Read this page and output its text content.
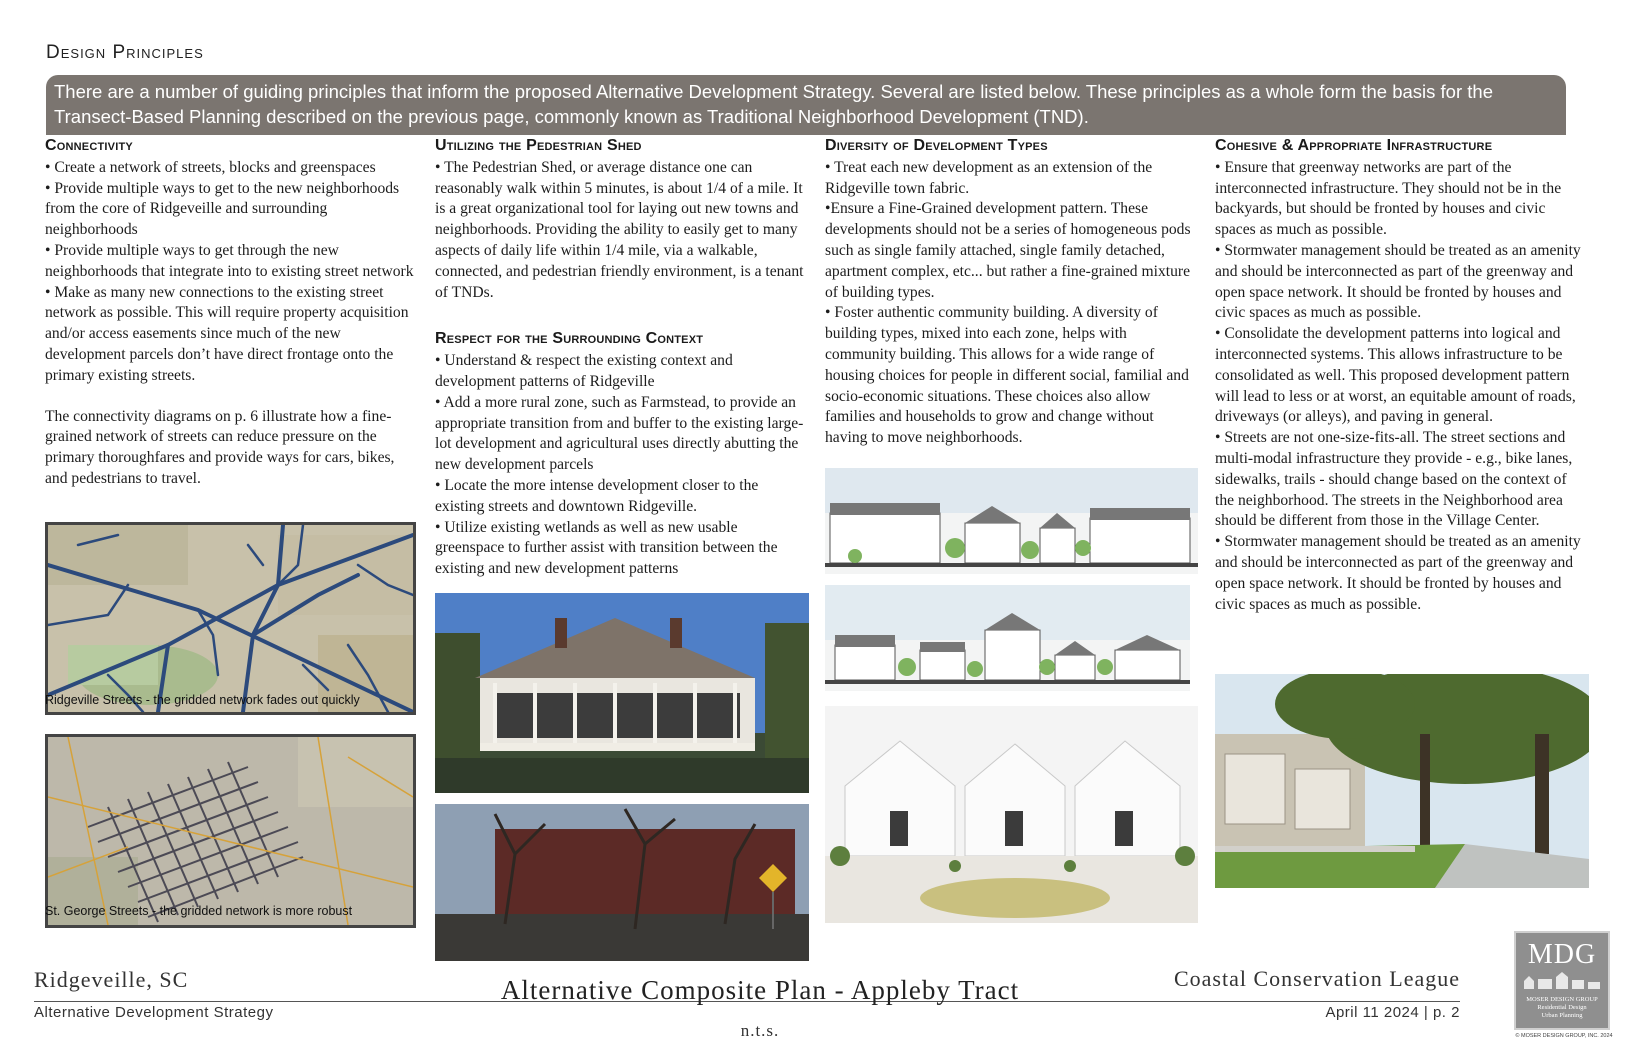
Design Principles
There are a number of guiding principles that inform the proposed Alternative Development Strategy. Several are listed below. These principles as a whole form the basis for the Transect-Based Planning described on the previous page, commonly known as Traditional Neighborhood Development (TND).
Connectivity

• Create a network of streets, blocks and greenspaces

• Provide multiple ways to get to the new neighborhoods from the core of Ridgeveille and surrounding neighborhoods

• Provide multiple ways to get through the new neighborhoods that integrate into to existing street network

• Make as many new connections to the existing street network as possible. This will require property acquisition and/or access easements since much of the new development parcels don’t have direct frontage onto the primary existing streets.

The connectivity diagrams on p. 6 illustrate how a fine-grained network of streets can reduce pressure on the primary thoroughfares and provide ways for cars, bikes, and pedestrians to travel.

Ridgeville Streets - the gridded network fades out quickly
St. George Streets - the gridded network is more robust
Utilizing the Pedestrian Shed

• The Pedestrian Shed, or average distance one can reasonably walk within 5 minutes, is about 1/4 of a mile. It is a great organizational tool for laying out new towns and neighborhoods. Providing the ability to easily get to many aspects of daily life within 1/4 mile, via a walkable, connected, and pedestrian friendly environment, is a tenant of TNDs.

Respect for the Surrounding Context

• Understand & respect the existing context and development patterns of Ridgeville

• Add a more rural zone, such as Farmstead, to provide an appropriate transition from and buffer to the existing large-lot development and agricultural uses directly abutting the new development parcels

• Locate the more intense development closer to the existing streets and downtown Ridgeville.

• Utilize existing wetlands as well as new usable greenspace to further assist with transition between the existing and new development patterns

Diversity of Development Types

• Treat each new development as an extension of the Ridgeville town fabric.

•Ensure a Fine-Grained development pattern. These developments should not be a series of homogeneous pods such as single family attached, single family detached, apartment complex, etc... but rather a fine-grained mixture of building types.

• Foster authentic community building. A diversity of building types, mixed into each zone, helps with community building. This allows for a wide range of housing choices for people in different social, familial and socio-economic situations. These choices also allow families and households to grow and change without having to move neighborhoods.

Cohesive & Appropriate Infrastructure

• Ensure that greenway networks are part of the interconnected infrastructure. They should not be in the backyards, but should be fronted by houses and civic spaces as much as possible.

• Stormwater management should be treated as an amenity and should be interconnected as part of the greenway and open space network. It should be fronted by houses and civic spaces as much as possible.

• Consolidate the development patterns into logical and interconnected systems. This allows infrastructure to be consolidated as well. This proposed development pattern will lead to less or at worst, an equitable amount of roads, driveways (or alleys), and paving in general.

• Streets are not one-size-fits-all. The street sections and multi-modal infrastructure they provide - e.g., bike lanes, sidewalks, trails - should change based on the context of the neighborhood. The streets in the Neighborhood area should be different from those in the Village Center.

• Stormwater management should be treated as an amenity and should be interconnected as part of the greenway and open space network. It should be fronted by houses and civic spaces as much as possible.

Ridgeveille, SC
Alternative Development Strategy
Alternative Composite Plan - Appleby Tract
n.t.s.
Coastal Conservation League
April 11 2024 | p. 2
MDG
MOSER DESIGN GROUP
Residential Design
Urban Planning
© MOSER DESIGN GROUP, INC. 2024
